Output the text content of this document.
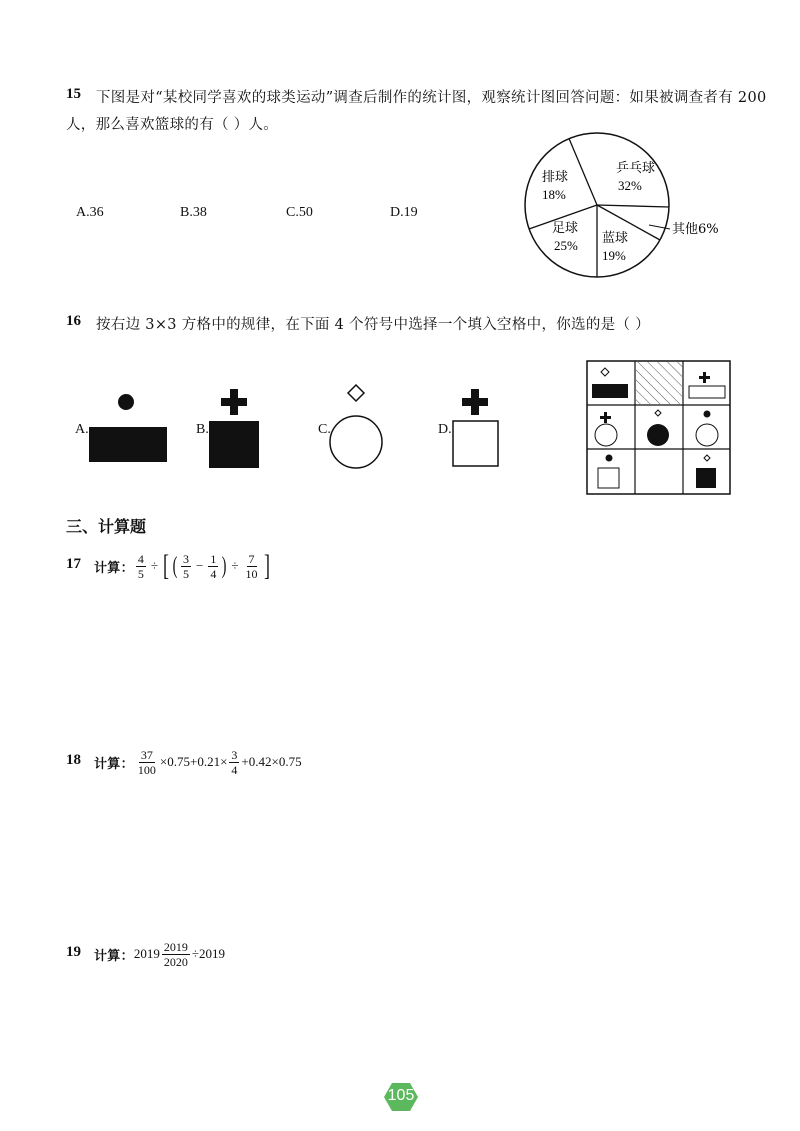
15 下图是对“某校同学喜欢的球类运动”调查后制作的统计图，观察统计图回答问题：如果被调查者有 200
人，那么喜欢篮球的有（ ）人。
A.36	B.38	C.50	D.19
乒乓球
32%
排球
18%
足球
25% 蓝球
19%
其他6%
16 按右边 3×3 方格中的规律，在下面 4 个符号中选择一个填入空格中，你选的是（ ）
A.	B.	C.	D.
三、计算题
17 计算： $\frac{4}{5}$ ÷ [ ( $\frac{3}{5} - \frac{1}{4}$ ) ÷ $\frac{7}{10}$ ]
18 计算： $\frac{37}{100} \times 0.75+0.21\times \frac{3}{4} +0.42\times 0.75$
19 计算： $2019 \frac{2019}{2020} \div 2019$
105
